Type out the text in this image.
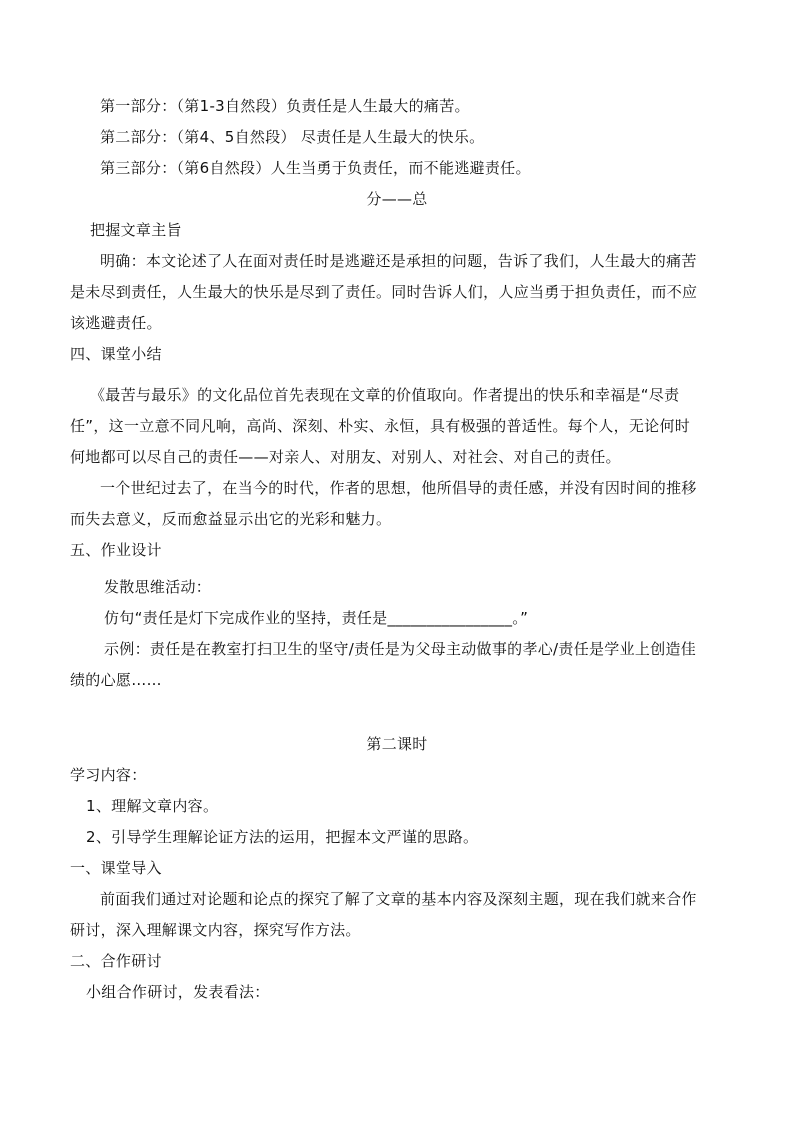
第一部分：（第1-3自然段）负责任是人生最大的痛苦。
第二部分：（第4、5自然段） 尽责任是人生最大的快乐。
第三部分：（第6自然段）人生当勇于负责任，而不能逃避责任。
分——总
把握文章主旨
明确：本文论述了人在面对责任时是逃避还是承担的问题，告诉了我们，人生最大的痛苦
是未尽到责任，人生最大的快乐是尽到了责任。同时告诉人们，人应当勇于担负责任，而不应
该逃避责任。
四、课堂小结
《最苦与最乐》的文化品位首先表现在文章的价值取向。作者提出的快乐和幸福是“尽责
任”，这一立意不同凡响，高尚、深刻、朴实、永恒，具有极强的普适性。每个人，无论何时
何地都可以尽自己的责任——对亲人、对朋友、对别人、对社会、对自己的责任。
一个世纪过去了，在当今的时代，作者的思想，他所倡导的责任感，并没有因时间的推移
而失去意义，反而愈益显示出它的光彩和魅力。
五、作业设计
发散思维活动：
仿句“责任是灯下完成作业的坚持，责任是________________。”
示例：责任是在教室打扫卫生的坚守/责任是为父母主动做事的孝心/责任是学业上创造佳
绩的心愿……
第二课时
学习内容：
1、理解文章内容。
2、引导学生理解论证方法的运用，把握本文严谨的思路。
一、课堂导入
前面我们通过对论题和论点的探究了解了文章的基本内容及深刻主题，现在我们就来合作
研讨，深入理解课文内容，探究写作方法。
二、合作研讨
小组合作研讨，发表看法：
